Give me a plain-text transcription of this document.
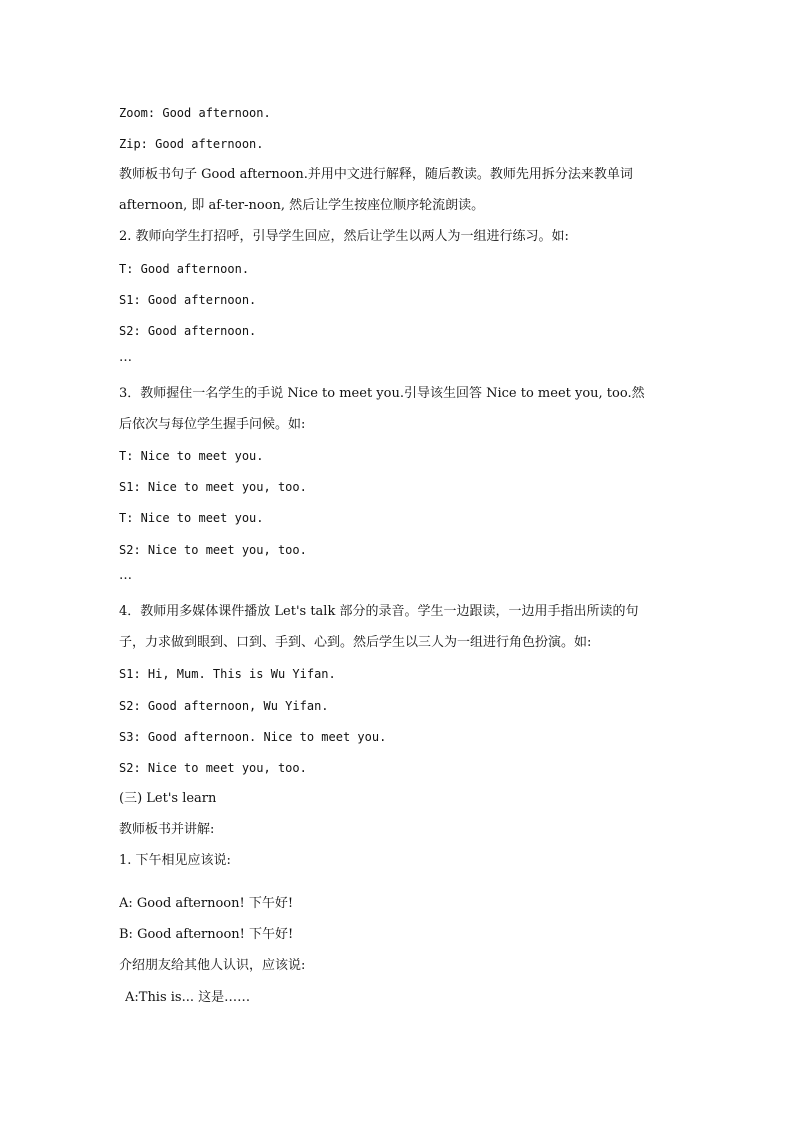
Zoom: Good afternoon.
Zip: Good afternoon.
教师板书句子 Good afternoon.并用中文进行解释，随后教读。教师先用拆分法来教单词
afternoon, 即 af-ter-noon, 然后让学生按座位顺序轮流朗读。
2. 教师向学生打招呼，引导学生回应，然后让学生以两人为一组进行练习。如:
T: Good afternoon.
S1: Good afternoon.
S2: Good afternoon.
…
3．教师握住一名学生的手说 Nice to meet you.引导该生回答 Nice to meet you, too.然
后依次与每位学生握手问候。如:
T: Nice to meet you.
S1: Nice to meet you, too.
T: Nice to meet you.
S2: Nice to meet you, too.
…
4．教师用多媒体课件播放 Let's talk 部分的录音。学生一边跟读，一边用手指出所读的句
子，力求做到眼到、口到、手到、心到。然后学生以三人为一组进行角色扮演。如:
S1: Hi, Mum. This is Wu Yifan.
S2: Good afternoon, Wu Yifan.
S3: Good afternoon. Nice to meet you.
S2: Nice to meet you, too.
(三) Let's learn
教师板书并讲解:
1. 下午相见应该说:
A: Good afternoon! 下午好!
B: Good afternoon! 下午好!
介绍朋友给其他人认识，应该说:
A:This is... 这是……
